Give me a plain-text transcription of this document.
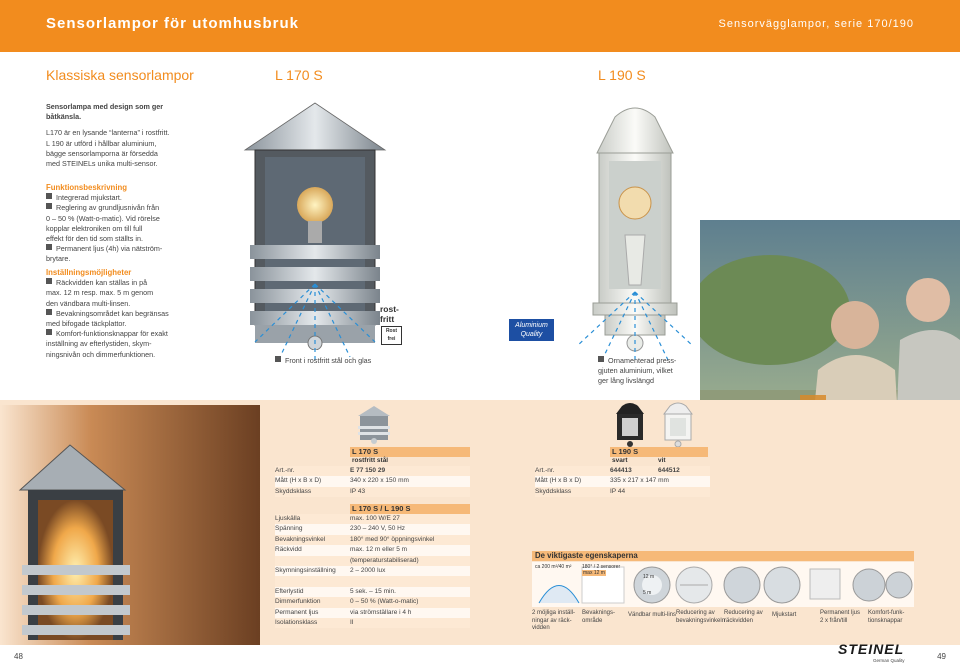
Sensorlampor för utomhusbruk	Sensorvägglampor, serie 170/190
Klassiska sensorlampor	L 170 S	L 190 S
Sensorlampa med design som ger båtkänsla.
L170 är en lysande “lanterna” i rostfritt.
L 190 är utförd i hållbar aluminium,
bägge sensorlamporna är försedda
med STEINELs unika multi-sensor.
Funktionsbeskrivning
Integrerad mjukstart.
Reglering av grundljusnivån från
0 – 50 % (Watt-o-matic). Vid rörelse
kopplar elektroniken om till full
effekt för den tid som ställts in.
Permanent ljus (4h) via nätström-
brytare.
Inställningsmöjligheter
Räckvidden kan ställas in på
max. 12 m resp. max. 5 m genom
den vändbara multi-linsen.
Bevakningsområdet kan begränsas
med bifogade täckplattor.
Komfort-funktionsknappar för exakt
inställning av efterlystiden, skym-
ningsnivån och dimmerfunktionen.
rost-
fritt
Rost
frei
Aluminium
Quality
Front i rostfritt stål och glas	Ornamenterad press-
gjuten aluminium, vilket
ger lång livslängd
L 170 S
rostfritt stål
Art.-nr.	E 77 150 29
Mått (H x B x D)	340 x 220 x 150 mm
Skyddsklass	IP 43
L 190 S
svart	vit
Art.-nr.	644413	644512
Mått (H x B x D)	335 x 217 x 147 mm
Skyddsklass	IP 44
L 170 S / L 190 S
Ljuskälla	max. 100 W/E 27
Spänning	230 – 240 V, 50 Hz
Bevakningsvinkel	180° med 90° öppningsvinkel
Räckvidd	max. 12 m eller 5 m
(temperaturstabiliserad)
Skymningsinställning 2 – 2000 lux
Efterlystid	5 sek. – 15 min.
Dimmerfunktion	0 – 50 % (Watt-o-matic)
Permanent ljus	via strömställare i 4 h
Isolationsklass	II
De viktigaste egenskaperna
ca 200 m²/40 m² 180° / 2 sensorer
max 12 m
12 m
5 m
2 möjliga inställ-
ningar av räck-
vidden
Bevaknings-
område
Vändbar multi-lins Reducering av
bevakningsvinkeln
Reducering av
räckvidden
Mjukstart	Permanent ljus
2 x från/till
Komfort-funk-
tionsknappar
48	49
STEINEL
German Quality
